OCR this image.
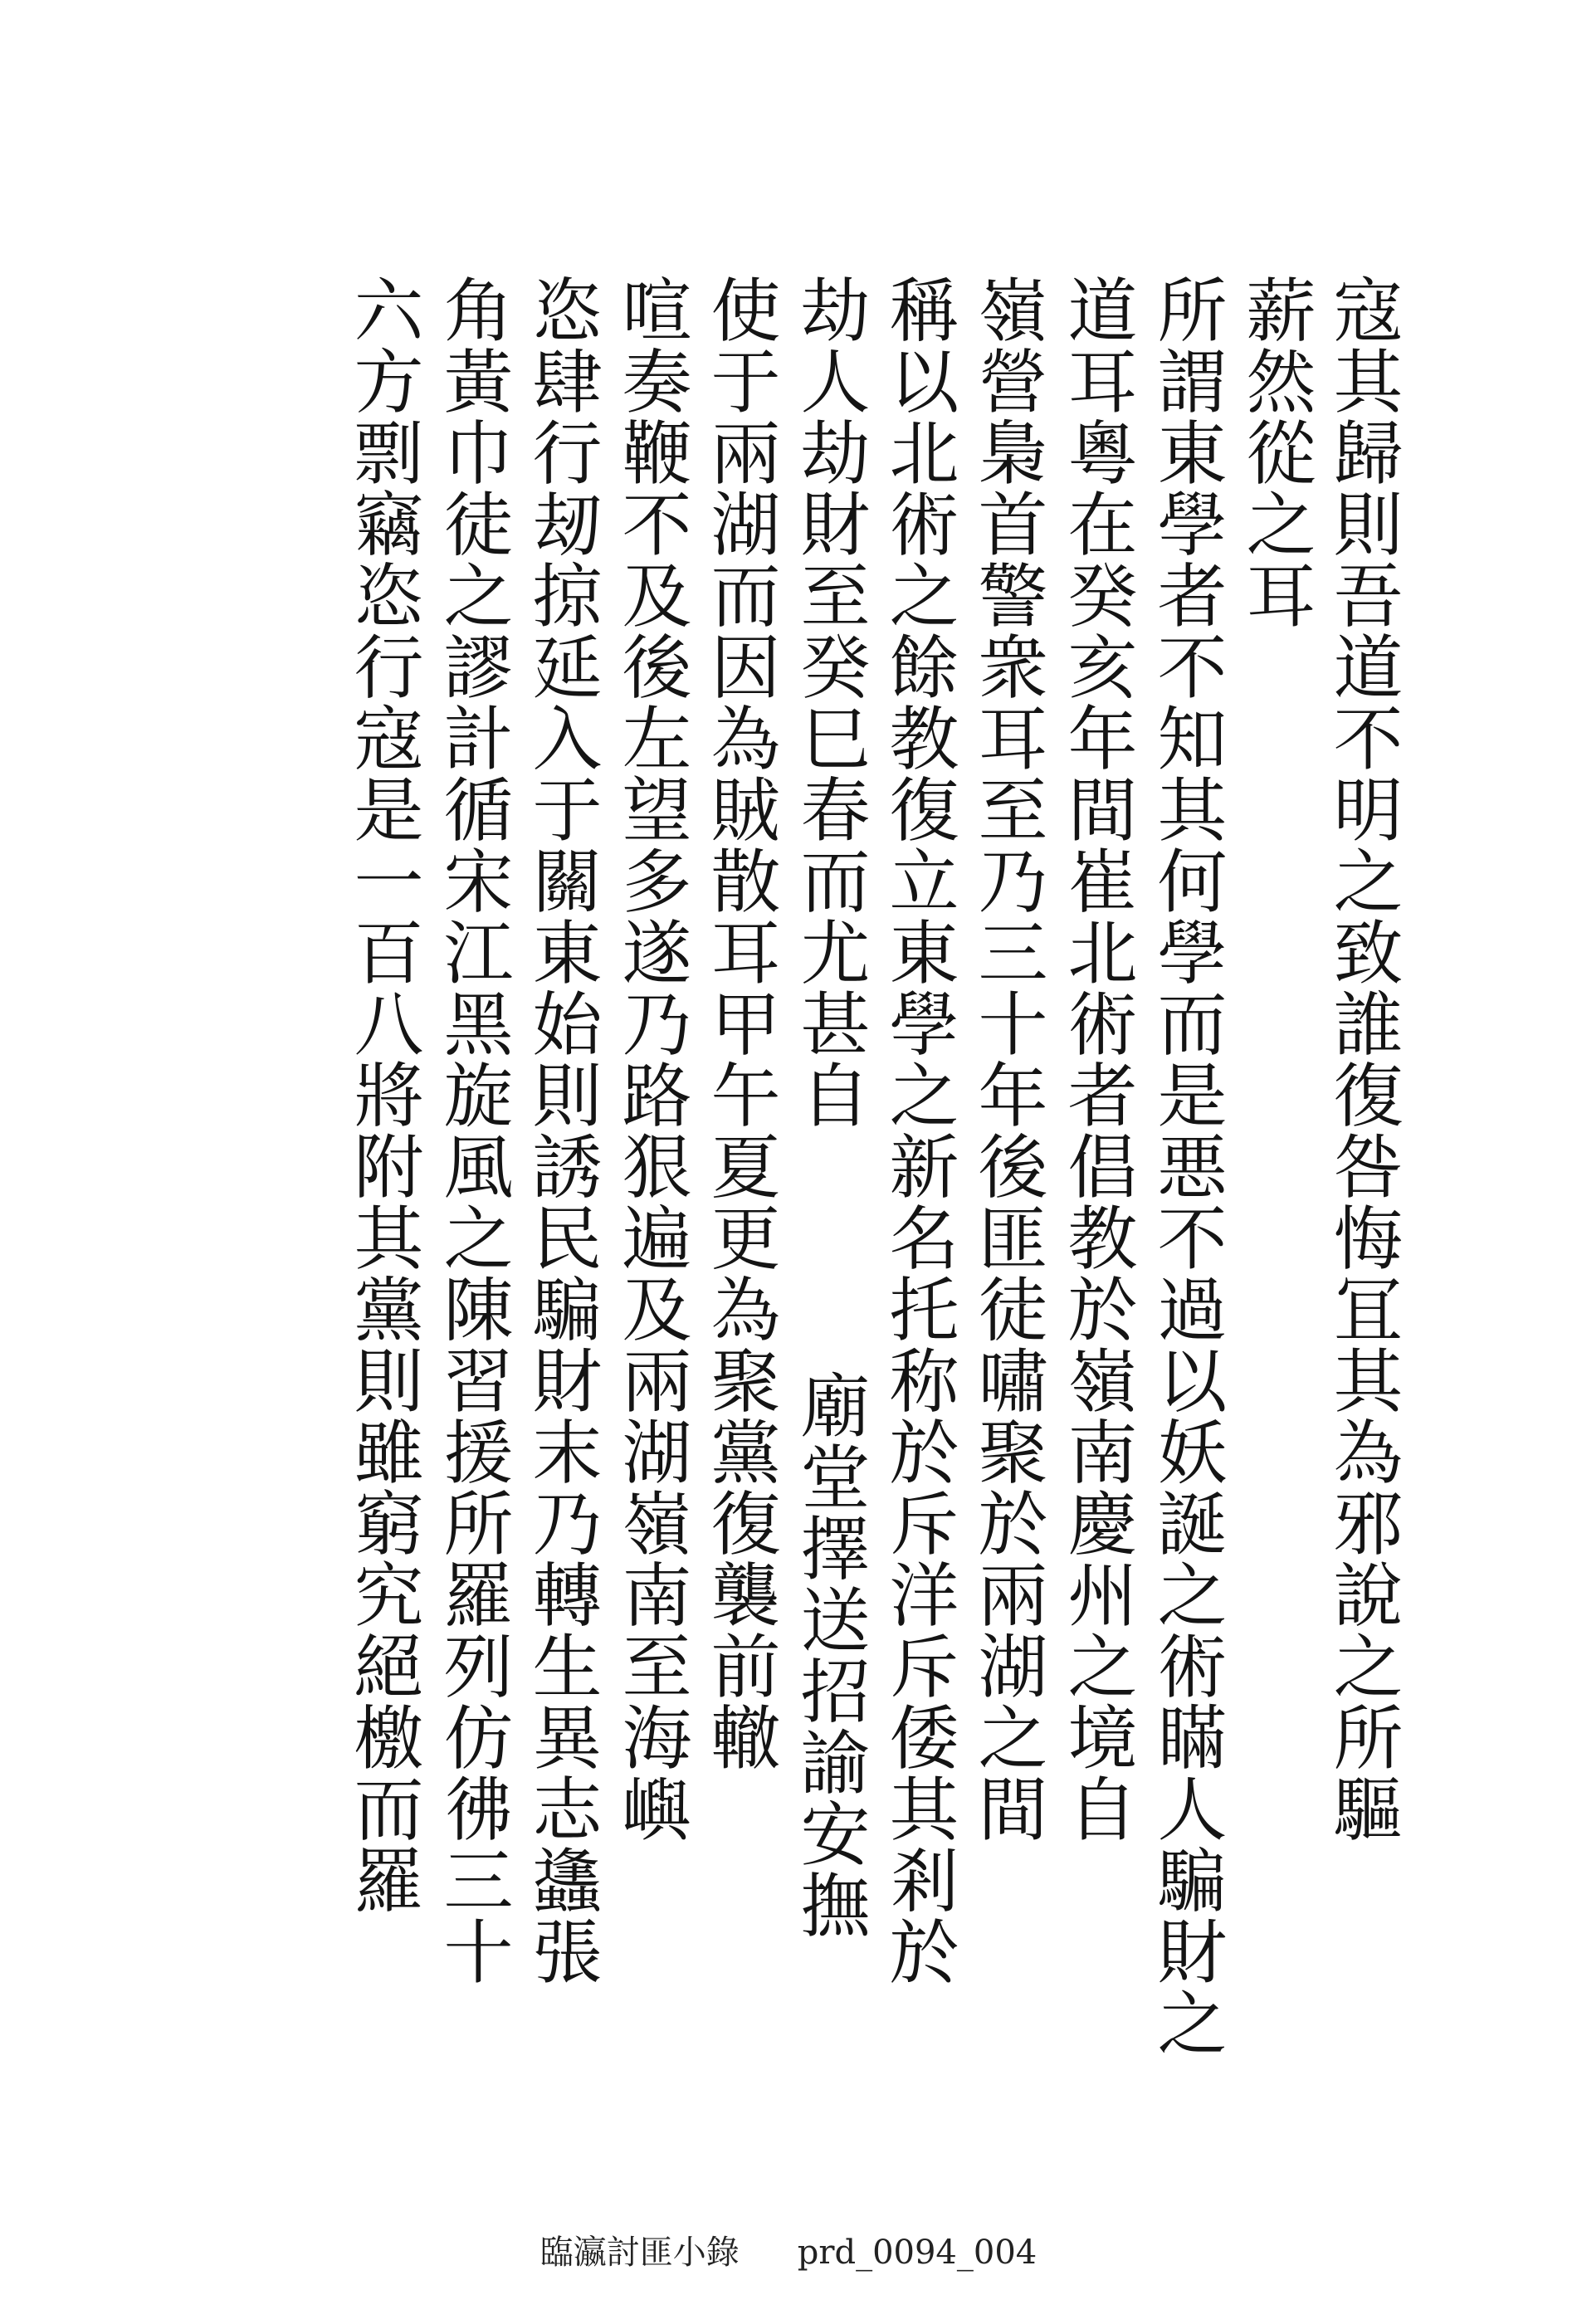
寇其歸則吾道不明之致誰復咎悔冝其為邪說之所驅
薪然從之耳
所謂東學者不知其何學而是悪不過以妖誕之術瞞人騙財之
道耳粵在癸亥年間崔北術者倡教於嶺南慶州之境自
嶺營梟首警衆耳至乃三十年後匪徒嘯聚於兩湖之間
稱以北術之餘教復立東學之新名托称於斥洋斥倭其剎於
劫人劫財至癸巳春而尤甚自
廟堂擇送招諭安撫
使于兩湖而因為賊散耳甲午夏更為聚黨復襲前轍
喧奏鞭不及後左望多遂乃路狠遍及兩湖嶺南至海嶼
恣肆行刼掠延入于關東始則誘民騙財末乃轉生異志蠭張
角黃巾徒之謬計循宋江黑旋風之陳習援所羅列仿彿三十
六方剽竊恣行寇是一百八將附其黨則雖窮究絕檄而羅
臨瀛討匪小錄 prd_0094_004
